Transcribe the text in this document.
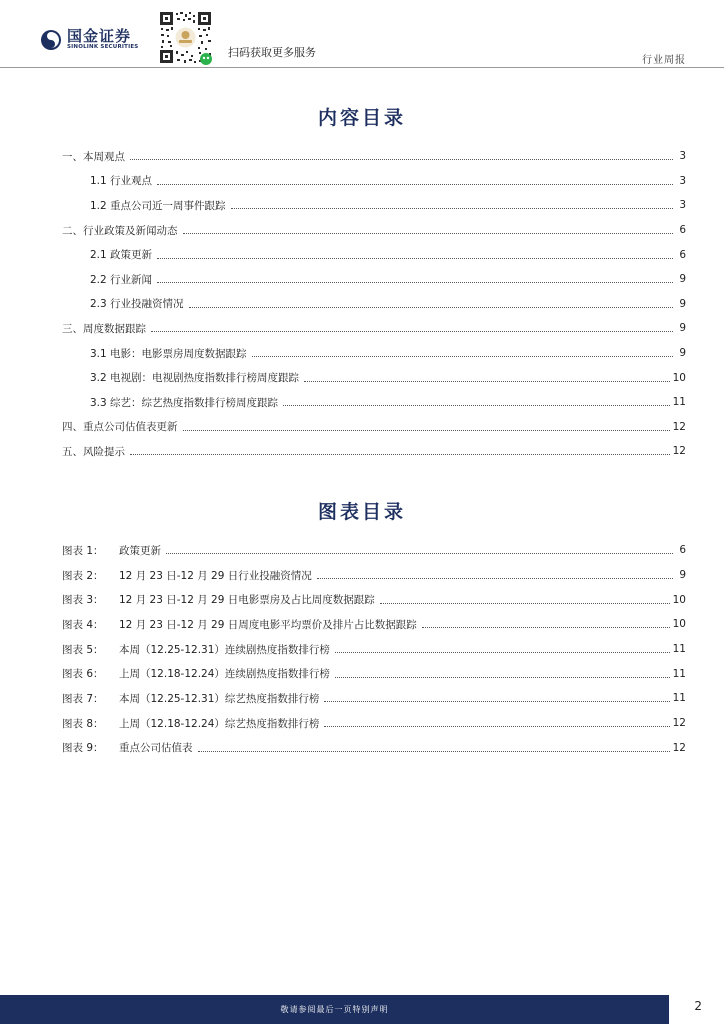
国金证券
SINOLINK SECURITIES	扫码获取更多服务
行业周报
内容目录
一、本周观点	3
1.1 行业观点	3
1.2 重点公司近一周事件跟踪	3
二、行业政策及新闻动态	6
2.1 政策更新	6
2.2 行业新闻	9
2.3 行业投融资情况	9
三、周度数据跟踪	9
3.1 电影：电影票房周度数据跟踪	9
3.2 电视剧：电视剧热度指数排行榜周度跟踪	10
3.3 综艺：综艺热度指数排行榜周度跟踪	11
四、重点公司估值表更新	12
五、风险提示	12
图表目录
图表 1：	政策更新	6
图表 2：	12 月 23 日-12 月 29 日行业投融资情况	9
图表 3：	12 月 23 日-12 月 29 日电影票房及占比周度数据跟踪	10
图表 4：	12 月 23 日-12 月 29 日周度电影平均票价及排片占比数据跟踪	10
图表 5：	本周（12.25-12.31）连续剧热度指数排行榜	11
图表 6：	上周（12.18-12.24）连续剧热度指数排行榜	11
图表 7：	本周（12.25-12.31）综艺热度指数排行榜	11
图表 8：	上周（12.18-12.24）综艺热度指数排行榜	12
图表 9：	重点公司估值表	12
敬请参阅最后一页特别声明	2
